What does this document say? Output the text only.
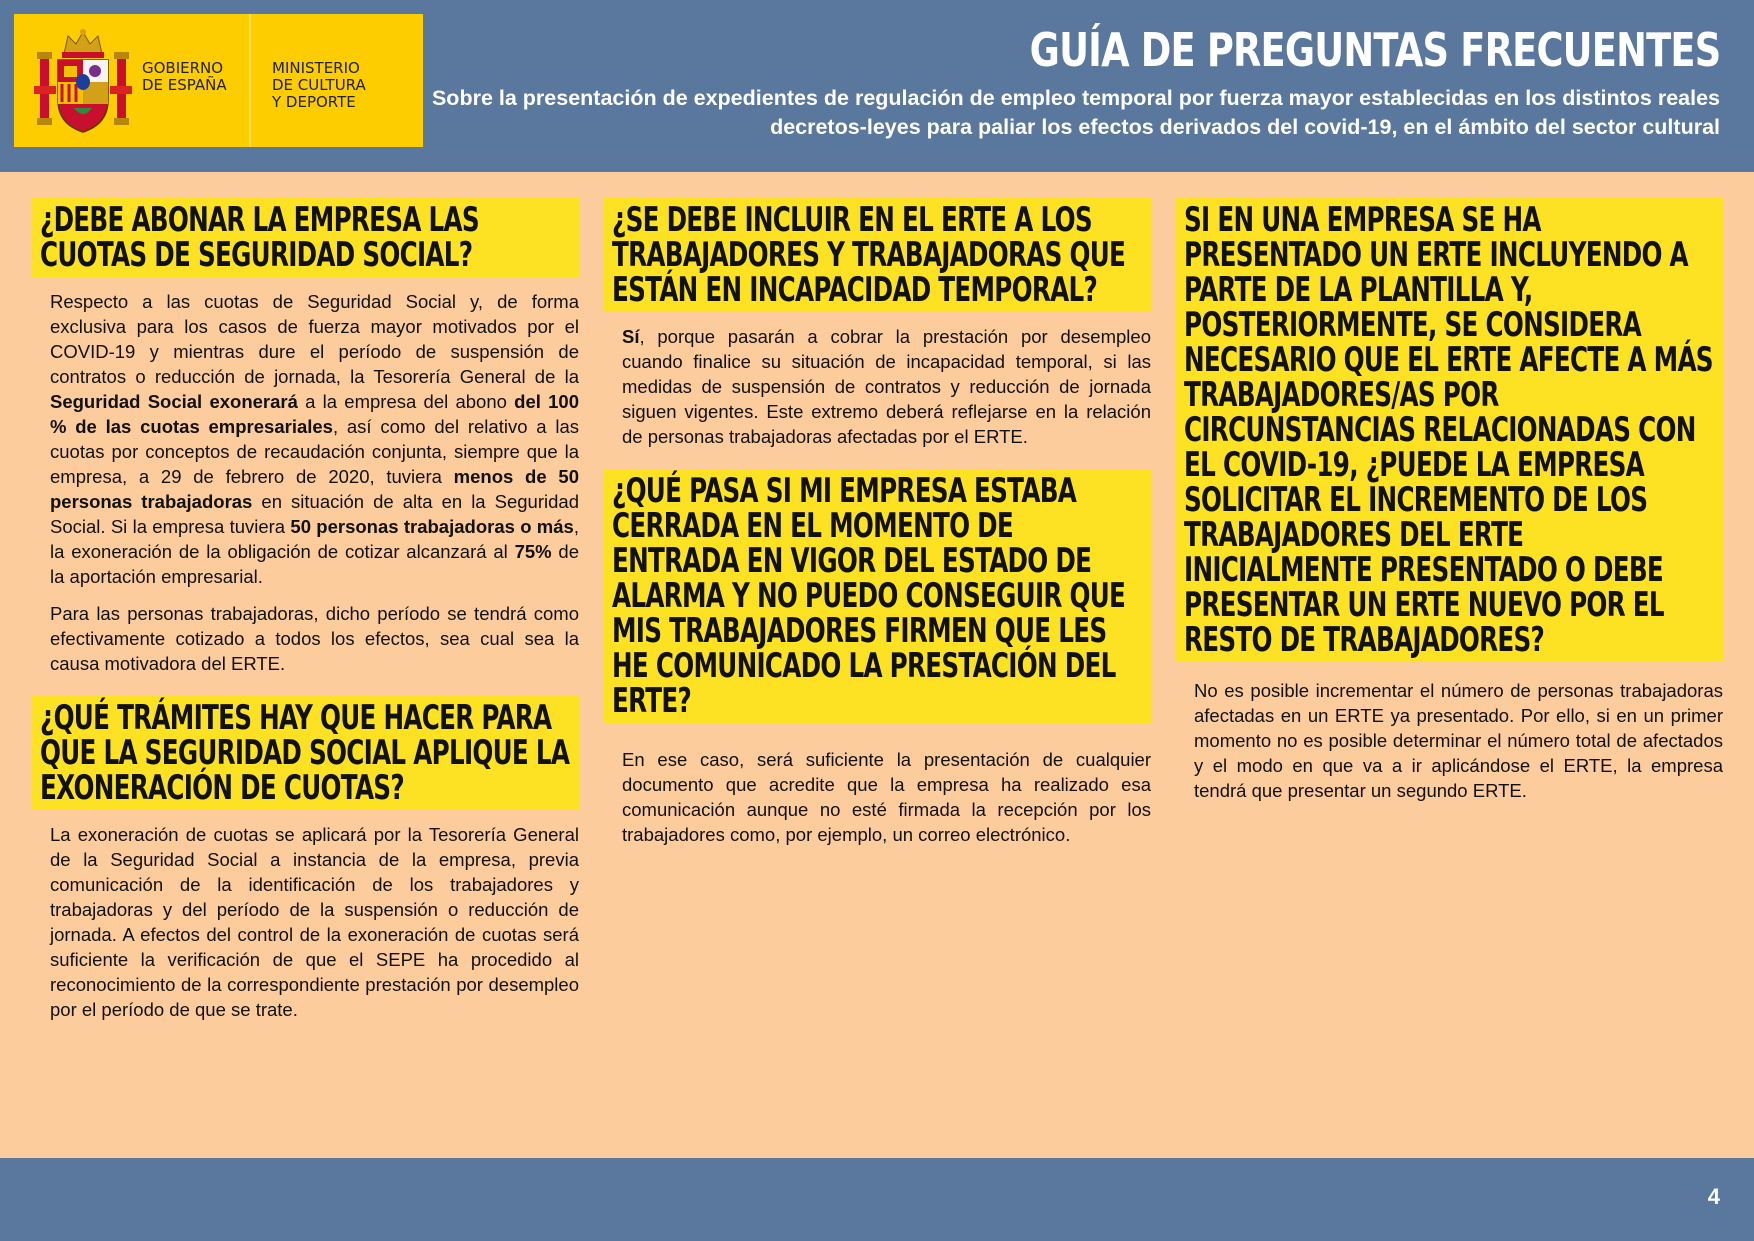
GOBIERNO
DE ESPAÑA
MINISTERIO
DE CULTURA
Y DEPORTE
GUÍA DE PREGUNTAS FRECUENTES

Sobre la presentación de expedientes de regulación de empleo temporal por fuerza mayor establecidas en los distintos reales decretos-leyes para paliar los efectos derivados del covid-19, en el ámbito del sector cultural

¿DEBE ABONAR LA EMPRESA LAS CUOTAS DE SEGURIDAD SOCIAL?

Respecto a las cuotas de Seguridad Social y, de forma exclusiva para los casos de fuerza mayor motivados por el COVID-19 y mientras dure el período de suspensión de contratos o reducción de jornada, la Tesorería General de la Seguridad Social exonerará a la empresa del abono del 100 % de las cuotas empresariales, así como del relativo a las cuotas por conceptos de recaudación conjunta, siempre que la empresa, a 29 de febrero de 2020, tuviera menos de 50 personas trabajadoras en situación de alta en la Seguridad Social. Si la empresa tuviera 50 personas trabajadoras o más, la exoneración de la obligación de cotizar alcanzará al 75% de la aportación empresarial.

Para las personas trabajadoras, dicho período se tendrá como efectivamente cotizado a todos los efectos, sea cual sea la causa motivadora del ERTE.

¿QUÉ TRÁMITES HAY QUE HACER PARA QUE LA SEGURIDAD SOCIAL APLIQUE LA EXONERACIÓN DE CUOTAS?

La exoneración de cuotas se aplicará por la Tesorería General de la Seguridad Social a instancia de la empresa, previa comunicación de la identificación de los trabajadores y trabajadoras y del período de la suspensión o reducción de jornada. A efectos del control de la exoneración de cuotas será suficiente la verificación de que el SEPE ha procedido al reconocimiento de la correspondiente prestación por desempleo por el período de que se trate.

¿SE DEBE INCLUIR EN EL ERTE A LOS TRABAJADORES Y TRABAJADORAS QUE ESTÁN EN INCAPACIDAD TEMPORAL?

Sí, porque pasarán a cobrar la prestación por desempleo cuando finalice su situación de incapacidad temporal, si las medidas de suspensión de contratos y reducción de jornada siguen vigentes. Este extremo deberá reflejarse en la relación de personas trabajadoras afectadas por el ERTE.

¿QUÉ PASA SI MI EMPRESA ESTABA CERRADA EN EL MOMENTO DE ENTRADA EN VIGOR DEL ESTADO DE ALARMA Y NO PUEDO CONSEGUIR QUE MIS TRABAJADORES FIRMEN QUE LES HE COMUNICADO LA PRESTACIÓN DEL ERTE?

En ese caso, será suficiente la presentación de cualquier documento que acredite que la empresa ha realizado esa comunicación aunque no esté firmada la recepción por los trabajadores como, por ejemplo, un correo electrónico.

SI EN UNA EMPRESA SE HA PRESENTADO UN ERTE INCLUYENDO A PARTE DE LA PLANTILLA Y, POSTERIORMENTE, SE CONSIDERA NECESARIO QUE EL ERTE AFECTE A MÁS TRABAJADORES/AS POR CIRCUNSTANCIAS RELACIONADAS CON EL COVID-19, ¿PUEDE LA EMPRESA SOLICITAR EL INCREMENTO DE LOS TRABAJADORES DEL ERTE INICIALMENTE PRESENTADO O DEBE PRESENTAR UN ERTE NUEVO POR EL RESTO DE TRABAJADORES?

No es posible incrementar el número de personas trabajadoras afectadas en un ERTE ya presentado. Por ello, si en un primer momento no es posible determinar el número total de afectados y el modo en que va a ir aplicándose el ERTE, la empresa tendrá que presentar un segundo ERTE.

4
